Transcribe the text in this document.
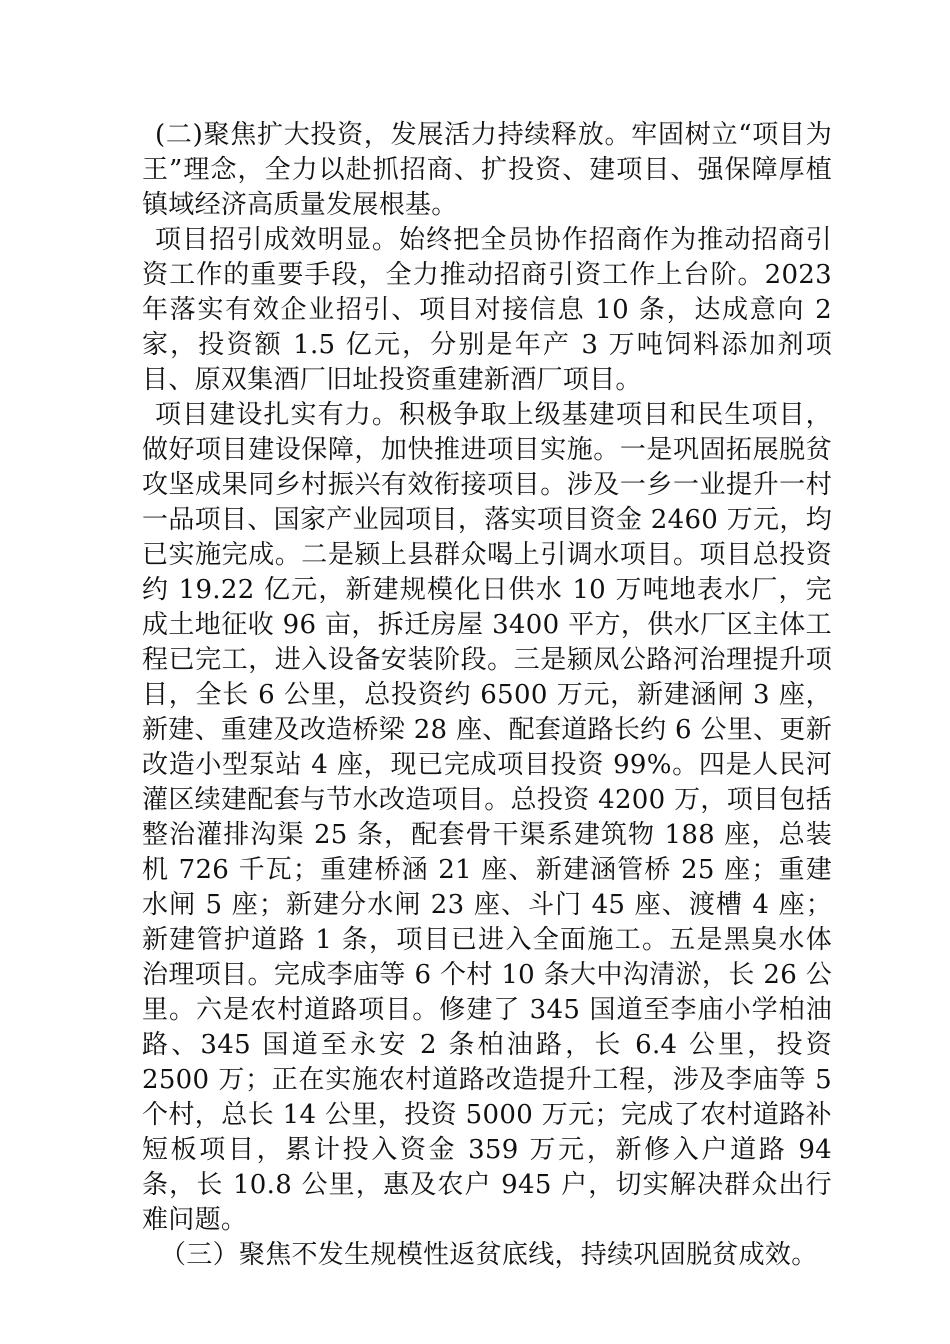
(二)聚焦扩大投资，发展活力持续释放。牢固树立“项目为王”理念，全力以赴抓招商、扩投资、建项目、强保障厚植镇域经济高质量发展根基。

项目招引成效明显。始终把全员协作招商作为推动招商引资工作的重要手段，全力推动招商引资工作上台阶。2023年落实有效企业招引、项目对接信息 10 条，达成意向 2 家，投资额 1.5 亿元，分别是年产 3 万吨饲料添加剂项目、原双集酒厂旧址投资重建新酒厂项目。

项目建设扎实有力。积极争取上级基建项目和民生项目，做好项目建设保障，加快推进项目实施。一是巩固拓展脱贫攻坚成果同乡村振兴有效衔接项目。涉及一乡一业提升一村一品项目、国家产业园项目，落实项目资金 2460 万元，均已实施完成。二是颍上县群众喝上引调水项目。项目总投资约 19.22 亿元，新建规模化日供水 10 万吨地表水厂，完成土地征收 96 亩，拆迁房屋 3400 平方，供水厂区主体工程已完工，进入设备安装阶段。三是颍凤公路河治理提升项目，全长 6 公里，总投资约 6500 万元，新建涵闸 3 座，新建、重建及改造桥梁 28 座、配套道路长约 6 公里、更新改造小型泵站 4 座，现已完成项目投资 99%。四是人民河灌区续建配套与节水改造项目。总投资 4200 万，项目包括整治灌排沟渠 25 条，配套骨干渠系建筑物 188 座，总装机 726 千瓦；重建桥涵 21 座、新建涵管桥 25 座；重建水闸 5 座；新建分水闸 23 座、斗门 45 座、渡槽 4 座；新建管护道路 1 条，项目已进入全面施工。五是黑臭水体治理项目。完成李庙等 6 个村 10 条大中沟清淤，长 26 公里。六是农村道路项目。修建了 345 国道至李庙小学柏油路、345 国道至永安 2 条柏油路，长 6.4 公里，投资 2500 万；正在实施农村道路改造提升工程，涉及李庙等 5 个村，总长 14 公里，投资 5000 万元；完成了农村道路补短板项目，累计投入资金 359 万元，新修入户道路 94 条，长 10.8 公里，惠及农户 945 户，切实解决群众出行难问题。

（三）聚焦不发生规模性返贫底线，持续巩固脱贫成效。
